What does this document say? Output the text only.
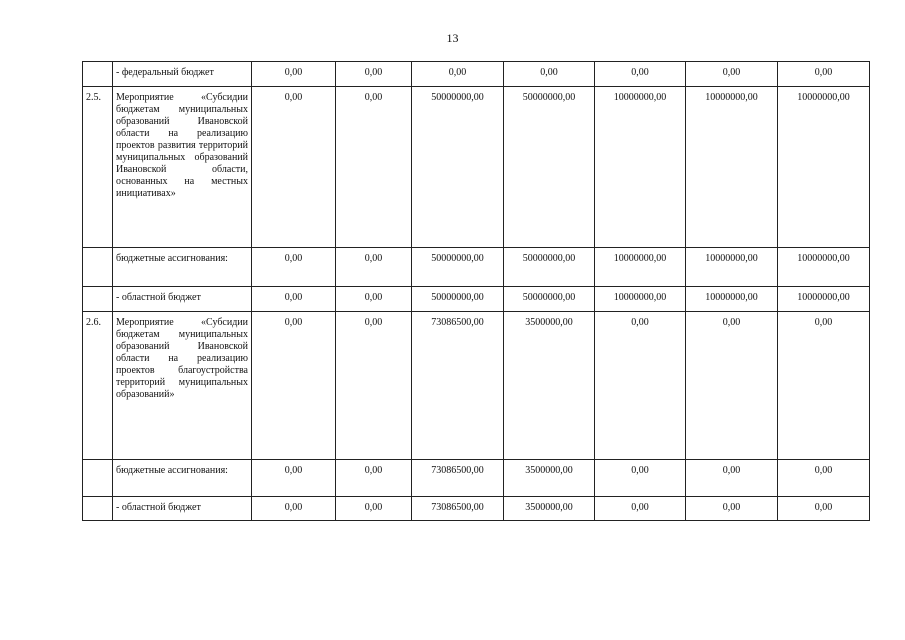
13
	- федеральный бюджет	0,00	0,00	0,00	0,00	0,00	0,00	0,00
2.5.	Мероприятие «Субсидии бюджетам муниципальных образований Ивановской области на реализацию проектов развития территорий муниципальных образований Ивановской области, основанных на местных инициативах»	0,00	0,00	50000000,00	50000000,00	10000000,00	10000000,00	10000000,00
	бюджетные ассигнования:	0,00	0,00	50000000,00	50000000,00	10000000,00	10000000,00	10000000,00
	- областной бюджет	0,00	0,00	50000000,00	50000000,00	10000000,00	10000000,00	10000000,00
2.6.	Мероприятие «Субсидии бюджетам муниципальных образований Ивановской области на реализацию проектов благоустройства территорий муниципальных образований»	0,00	0,00	73086500,00	3500000,00	0,00	0,00	0,00
	бюджетные ассигнования:	0,00	0,00	73086500,00	3500000,00	0,00	0,00	0,00
	- областной бюджет	0,00	0,00	73086500,00	3500000,00	0,00	0,00	0,00
